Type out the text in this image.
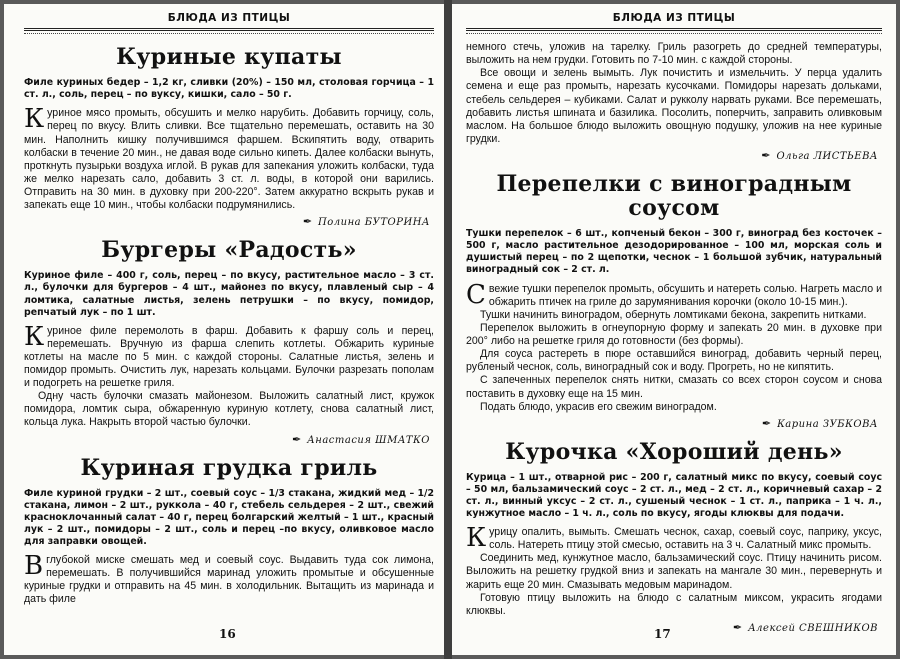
БЛЮДА ИЗ ПТИЦЫ
Куриные купаты
Филе куриных бедер – 1,2 кг, сливки (20%) – 150 мл, столовая горчица – 1 ст. л., соль, перец – по вуксу, кишки, сало – 50 г.

Куриное мясо промыть, обсушить и мелко нарубить. Добавить горчицу, соль, перец по вкусу. Влить сливки. Все тщательно перемешать, оставить на 30 мин. Наполнить кишку получившимся фаршем. Вскипятить воду, отварить колбаски в течение 20 мин., не давая воде сильно кипеть. Далее колбаски вынуть, проткнуть пузырьки воздуха иглой. В рукав для запекания уложить колбаски, туда же мелко нарезать сало, добавить 3 ст. л. воды, в которой они варились. Отправить на 30 мин. в духовку при 200-220°. Затем аккуратно вскрыть рукав и запекать еще 10 мин., чтобы колбаски подрумянились.

✒ Полина БУТОРИНА
Бургеры «Радость»
Куриное филе – 400 г, соль, перец – по вкусу, растительное масло – 3 ст. л., булочки для бургеров – 4 шт., майонез по вкусу, плавленый сыр – 4 ломтика, салатные листья, зелень петрушки – по вкусу, помидор, репчатый лук – по 1 шт.

Куриное филе перемолоть в фарш. Добавить к фаршу соль и перец, перемешать. Вручную из фарша слепить котлеты. Обжарить куриные котлеты на масле по 5 мин. с каждой стороны. Салатные листья, зелень и помидор промыть. Очистить лук, нарезать кольцами. Булочки разрезать пополам и подогреть на решетке гриля.

Одну часть булочки смазать майонезом. Выложить салатный лист, кружок помидора, ломтик сыра, обжаренную куриную котлету, снова салатный лист, кольца лука. Накрыть второй частью булочки.

✒ Анастасия ШМАТКО
Куриная грудка гриль
Филе куриной грудки – 2 шт., соевый соус – 1/3 стакана, жидкий мед – 1/2 стакана, лимон – 2 шт., руккола – 40 г, стебель сельдерея – 2 шт., свежий красноклочанный салат – 40 г, перец болгарский желтый – 1 шт., красный лук – 2 шт., помидоры – 2 шт., соль и перец –по вкусу, оливковое масло для заправки овощей.

Вглубокой миске смешать мед и соевый соус. Выдавить туда сок лимона, перемешать. В получившийся маринад уложить промытые и обсушенные куриные грудки и отправить на 45 мин. в холодильник. Вытащить из маринада и дать филе

16
БЛЮДА ИЗ ПТИЦЫ

немного стечь, уложив на тарелку. Гриль разогреть до средней температуры, выложить на нем грудки. Готовить по 7-10 мин. с каждой стороны.

Все овощи и зелень вымыть. Лук почистить и измельчить. У перца удалить семена и еще раз промыть, нарезать кусочками. Помидоры нарезать дольками, стебель сельдерея – кубиками. Салат и рукколу нарвать руками. Все перемешать, добавить листья шпината и базилика. Посолить, поперчить, заправить оливковым маслом. На большое блюдо выложить овощную подушку, уложив на нее куриные грудки.

✒ Ольга ЛИСТЬЕВА
Перепелки с виноградным соусом
Тушки перепелок – 6 шт., копченый бекон – 300 г, виноград без косточек – 500 г, масло растительное дезодорированное – 100 мл, морская соль и душистый перец – по 2 щепотки, чеснок – 1 большой зубчик, натуральный виноградный сок – 2 ст. л.

Свежие тушки перепелок промыть, обсушить и натереть солью. Нагреть масло и обжарить птичек на гриле до зарумянивания корочки (около 10-15 мин.).

Тушки начинить виноградом, обернуть ломтиками бекона, закрепить нитками.

Перепелок выложить в огнеупорную форму и запекать 20 мин. в духовке при 200° либо на решетке гриля до готовности (без формы).

Для соуса растереть в пюре оставшийся виноград, добавить черный перец, рубленый чеснок, соль, виноградный сок и воду. Прогреть, но не кипятить.

С запеченных перепелок снять нитки, смазать со всех сторон соусом и снова поставить в духовку еще на 15 мин.

Подать блюдо, украсив его свежим виноградом.

✒ Карина ЗУБКОВА
Курочка «Хороший день»
Курица – 1 шт., отварной рис – 200 г, салатный микс по вкусу, соевый соус – 50 мл, бальзамический соус – 2 ст. л., мед – 2 ст. л., коричневый сахар – 2 ст. л., винный уксус – 2 ст. л., сушеный чеснок – 1 ст. л., паприка – 1 ч. л., кунжутное масло – 1 ч. л., соль по вкусу, ягоды клюквы для подачи.

Курицу опалить, вымыть. Смешать чеснок, сахар, соевый соус, паприку, уксус, соль. Натереть птицу этой смесью, оставить на 3 ч. Салатный микс промыть.

Соединить мед, кунжутное масло, бальзамический соус. Птицу начинить рисом. Выложить на решетку грудкой вниз и запекать на мангале 30 мин., перевернуть и жарить еще 20 мин. Смазывать медовым маринадом.

Готовую птицу выложить на блюдо с салатным миксом, украсить ягодами клюквы.

✒ Алексей СВЕШНИКОВ
17
